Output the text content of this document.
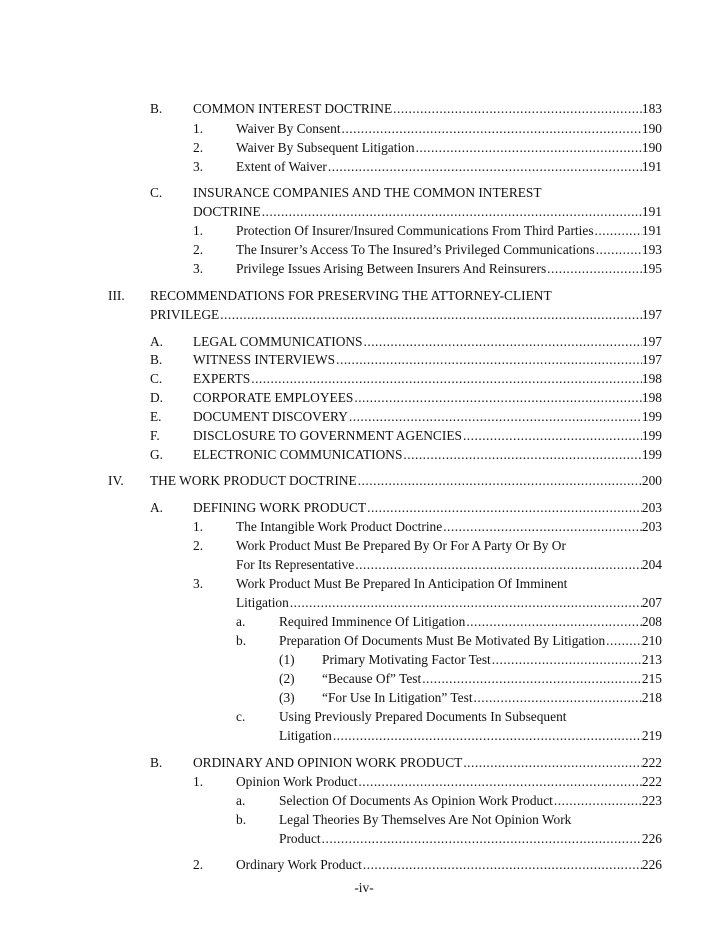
B.	COMMON INTEREST DOCTRINE .....	183
1.	Waiver By Consent .....	190
2.	Waiver By Subsequent Litigation .....	190
3.	Extent of Waiver .....	191
C.	INSURANCE COMPANIES AND THE COMMON INTEREST
DOCTRINE .....	191
1.	Protection Of Insurer/Insured Communications From Third Parties .....	191
2.	The Insurer’s Access To The Insured’s Privileged Communications .....	193
3.	Privilege Issues Arising Between Insurers And Reinsurers .....	195
III.	RECOMMENDATIONS FOR PRESERVING THE ATTORNEY-CLIENT
PRIVILEGE .....	197
A.	LEGAL COMMUNICATIONS .....	197
B.	WITNESS INTERVIEWS .....	197
C.	EXPERTS .....	198
D.	CORPORATE EMPLOYEES .....	198
E.	DOCUMENT DISCOVERY .....	199
F.	DISCLOSURE TO GOVERNMENT AGENCIES .....	199
G.	ELECTRONIC COMMUNICATIONS .....	199
IV.	THE WORK PRODUCT DOCTRINE .....	200
A.	DEFINING WORK PRODUCT .....	203
1.	The Intangible Work Product Doctrine .....	203
2.	Work Product Must Be Prepared By Or For A Party Or By Or
For Its Representative .....	204
3.	Work Product Must Be Prepared In Anticipation Of Imminent
Litigation .....	207
a.	Required Imminence Of Litigation .....	208
b.	Preparation Of Documents Must Be Motivated By Litigation .....	210
(1)	Primary Motivating Factor Test .....	213
(2)	“Because Of” Test .....	215
(3)	“For Use In Litigation” Test .....	218
c.	Using Previously Prepared Documents In Subsequent
Litigation .....	219
B.	ORDINARY AND OPINION WORK PRODUCT .....	222
1.	Opinion Work Product .....	222
a.	Selection Of Documents As Opinion Work Product .....	223
b.	Legal Theories By Themselves Are Not Opinion Work
Product .....	226
2.	Ordinary Work Product .....	226
-iv-
